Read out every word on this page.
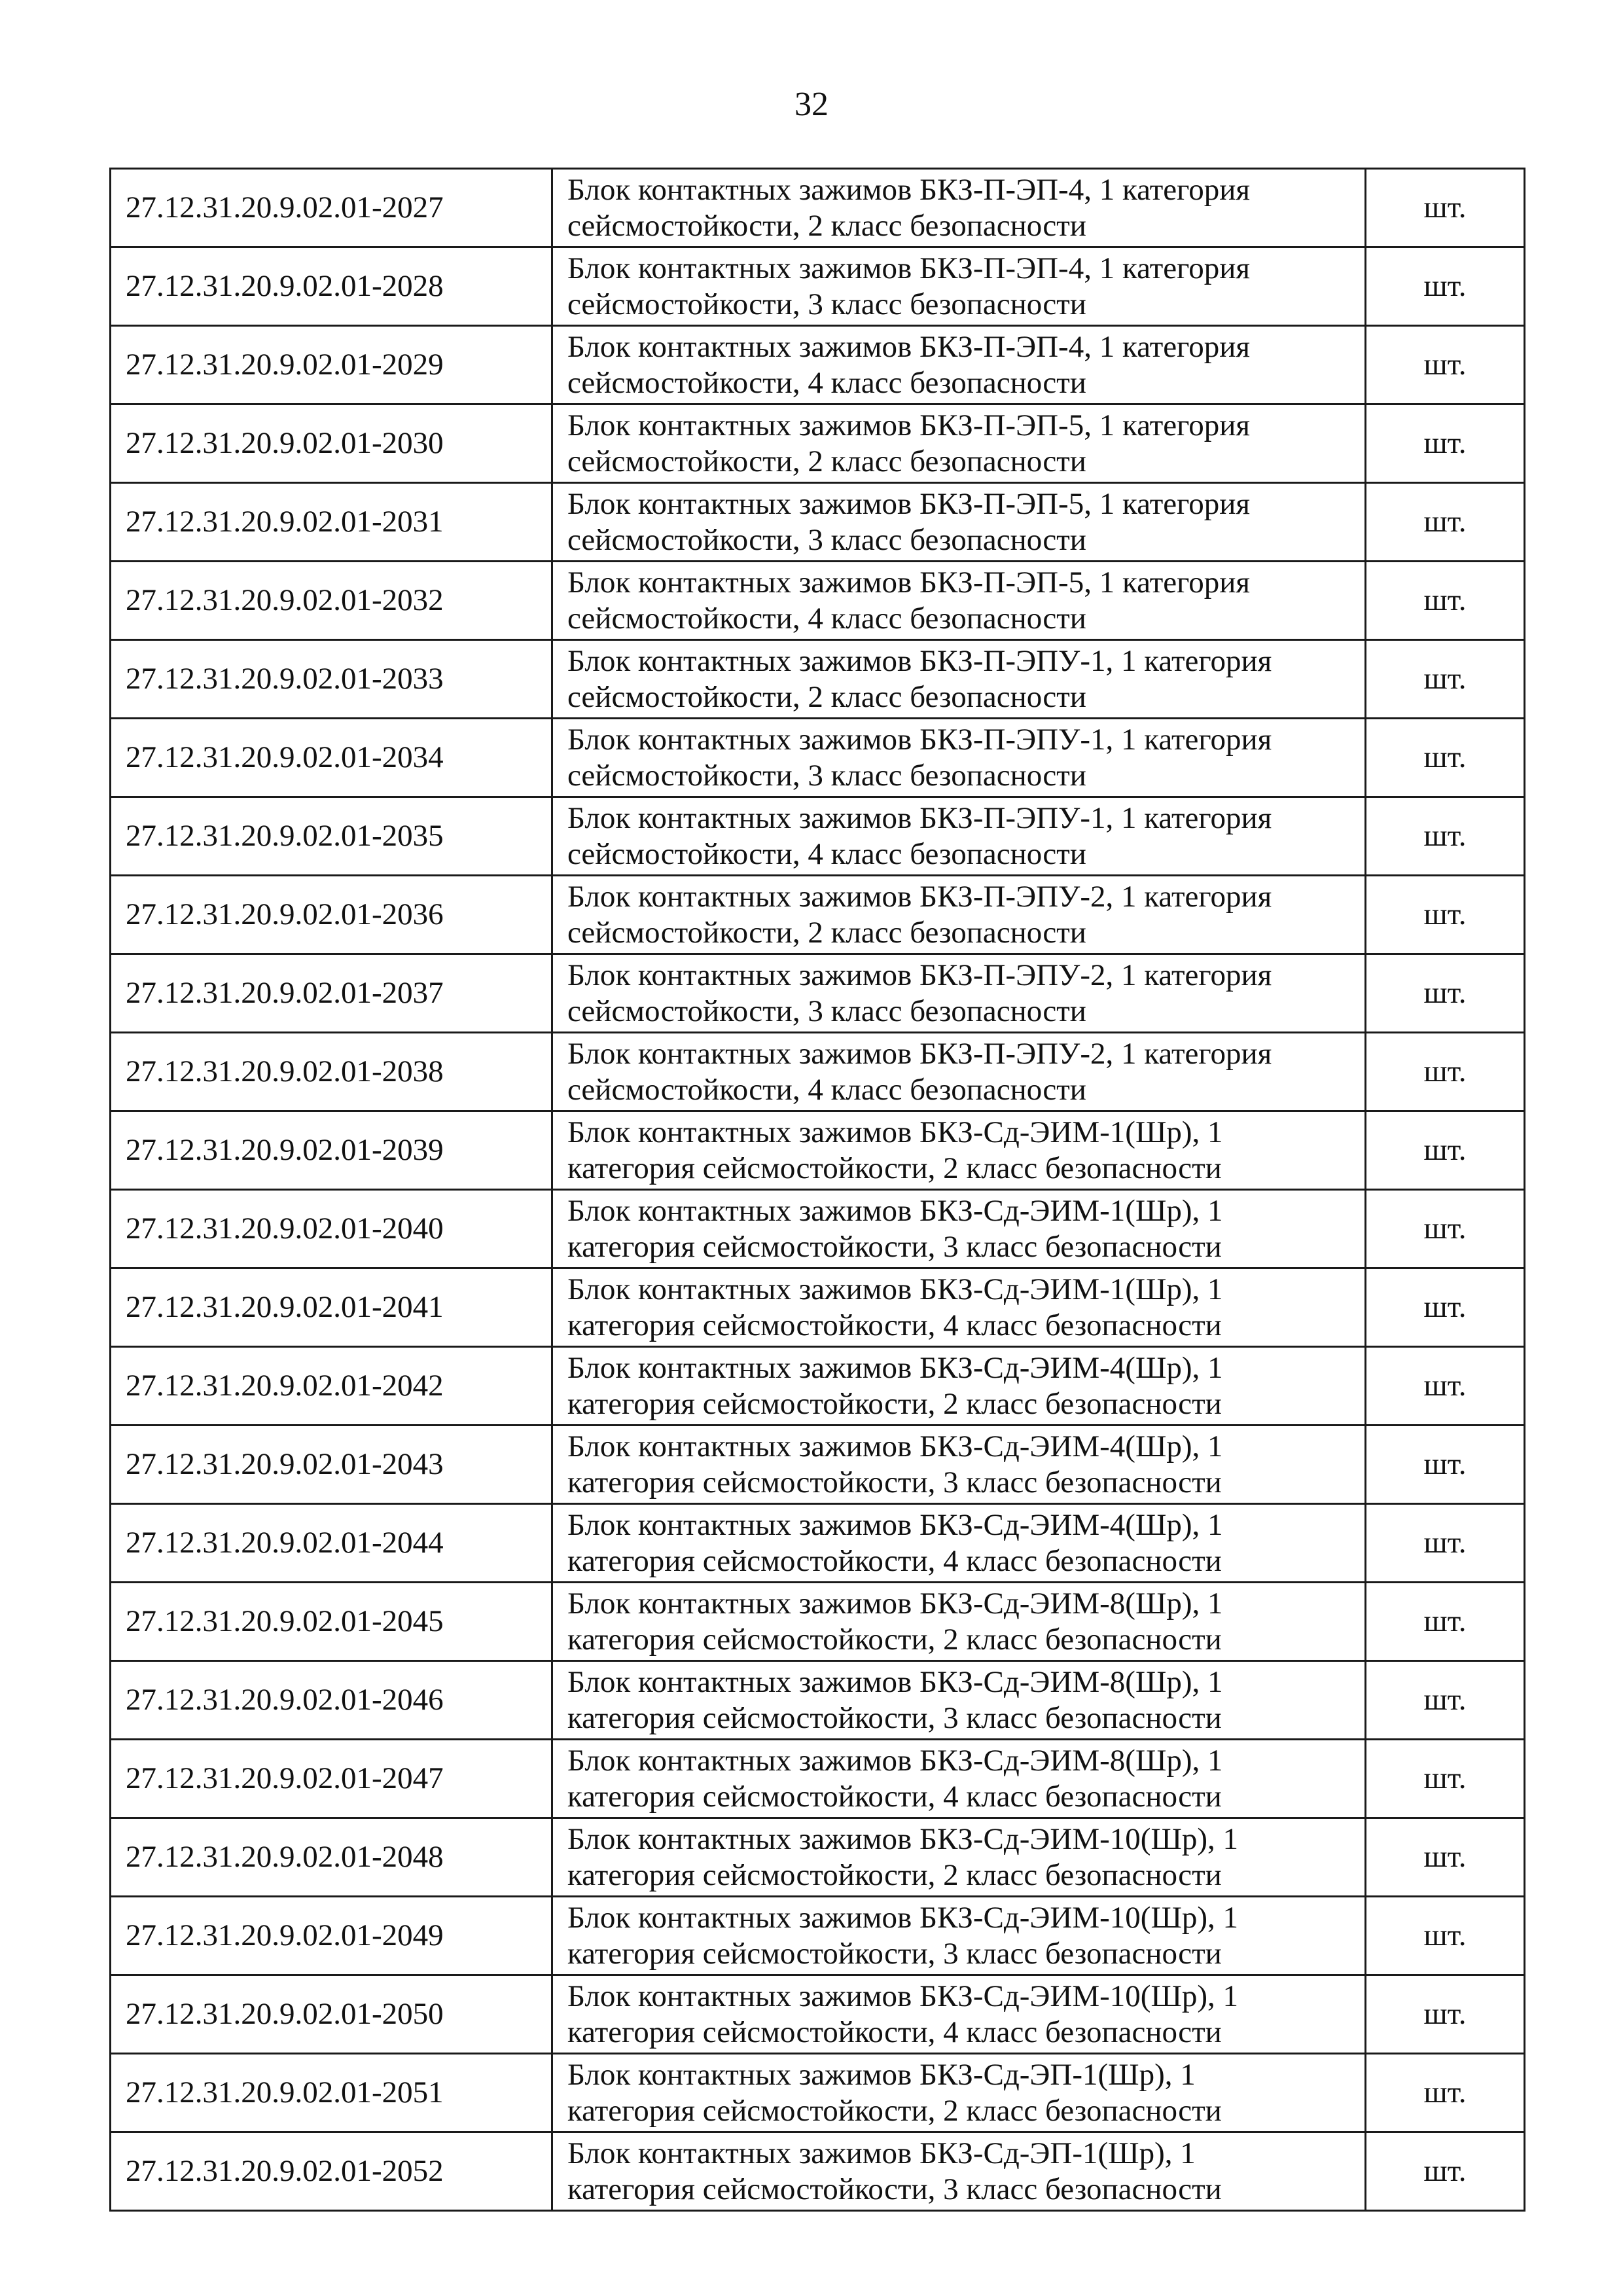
32
27.12.31.20.9.02.01-2027	Блок контактных зажимов БКЗ-П-ЭП-4, 1 категория
сейсмостойкости, 2 класс безопасности	шт.
27.12.31.20.9.02.01-2028	Блок контактных зажимов БКЗ-П-ЭП-4, 1 категория
сейсмостойкости, 3 класс безопасности	шт.
27.12.31.20.9.02.01-2029	Блок контактных зажимов БКЗ-П-ЭП-4, 1 категория
сейсмостойкости, 4 класс безопасности	шт.
27.12.31.20.9.02.01-2030	Блок контактных зажимов БКЗ-П-ЭП-5, 1 категория
сейсмостойкости, 2 класс безопасности	шт.
27.12.31.20.9.02.01-2031	Блок контактных зажимов БКЗ-П-ЭП-5, 1 категория
сейсмостойкости, 3 класс безопасности	шт.
27.12.31.20.9.02.01-2032	Блок контактных зажимов БКЗ-П-ЭП-5, 1 категория
сейсмостойкости, 4 класс безопасности	шт.
27.12.31.20.9.02.01-2033	Блок контактных зажимов БКЗ-П-ЭПУ-1, 1 категория
сейсмостойкости, 2 класс безопасности	шт.
27.12.31.20.9.02.01-2034	Блок контактных зажимов БКЗ-П-ЭПУ-1, 1 категория
сейсмостойкости, 3 класс безопасности	шт.
27.12.31.20.9.02.01-2035	Блок контактных зажимов БКЗ-П-ЭПУ-1, 1 категория
сейсмостойкости, 4 класс безопасности	шт.
27.12.31.20.9.02.01-2036	Блок контактных зажимов БКЗ-П-ЭПУ-2, 1 категория
сейсмостойкости, 2 класс безопасности	шт.
27.12.31.20.9.02.01-2037	Блок контактных зажимов БКЗ-П-ЭПУ-2, 1 категория
сейсмостойкости, 3 класс безопасности	шт.
27.12.31.20.9.02.01-2038	Блок контактных зажимов БКЗ-П-ЭПУ-2, 1 категория
сейсмостойкости, 4 класс безопасности	шт.
27.12.31.20.9.02.01-2039	Блок контактных зажимов БКЗ-Сд-ЭИМ-1(Шр), 1
категория сейсмостойкости, 2 класс безопасности	шт.
27.12.31.20.9.02.01-2040	Блок контактных зажимов БКЗ-Сд-ЭИМ-1(Шр), 1
категория сейсмостойкости, 3 класс безопасности	шт.
27.12.31.20.9.02.01-2041	Блок контактных зажимов БКЗ-Сд-ЭИМ-1(Шр), 1
категория сейсмостойкости, 4 класс безопасности	шт.
27.12.31.20.9.02.01-2042	Блок контактных зажимов БКЗ-Сд-ЭИМ-4(Шр), 1
категория сейсмостойкости, 2 класс безопасности	шт.
27.12.31.20.9.02.01-2043	Блок контактных зажимов БКЗ-Сд-ЭИМ-4(Шр), 1
категория сейсмостойкости, 3 класс безопасности	шт.
27.12.31.20.9.02.01-2044	Блок контактных зажимов БКЗ-Сд-ЭИМ-4(Шр), 1
категория сейсмостойкости, 4 класс безопасности	шт.
27.12.31.20.9.02.01-2045	Блок контактных зажимов БКЗ-Сд-ЭИМ-8(Шр), 1
категория сейсмостойкости, 2 класс безопасности	шт.
27.12.31.20.9.02.01-2046	Блок контактных зажимов БКЗ-Сд-ЭИМ-8(Шр), 1
категория сейсмостойкости, 3 класс безопасности	шт.
27.12.31.20.9.02.01-2047	Блок контактных зажимов БКЗ-Сд-ЭИМ-8(Шр), 1
категория сейсмостойкости, 4 класс безопасности	шт.
27.12.31.20.9.02.01-2048	Блок контактных зажимов БКЗ-Сд-ЭИМ-10(Шр), 1
категория сейсмостойкости, 2 класс безопасности	шт.
27.12.31.20.9.02.01-2049	Блок контактных зажимов БКЗ-Сд-ЭИМ-10(Шр), 1
категория сейсмостойкости, 3 класс безопасности	шт.
27.12.31.20.9.02.01-2050	Блок контактных зажимов БКЗ-Сд-ЭИМ-10(Шр), 1
категория сейсмостойкости, 4 класс безопасности	шт.
27.12.31.20.9.02.01-2051	Блок контактных зажимов БКЗ-Сд-ЭП-1(Шр), 1
категория сейсмостойкости, 2 класс безопасности	шт.
27.12.31.20.9.02.01-2052	Блок контактных зажимов БКЗ-Сд-ЭП-1(Шр), 1
категория сейсмостойкости, 3 класс безопасности	шт.
